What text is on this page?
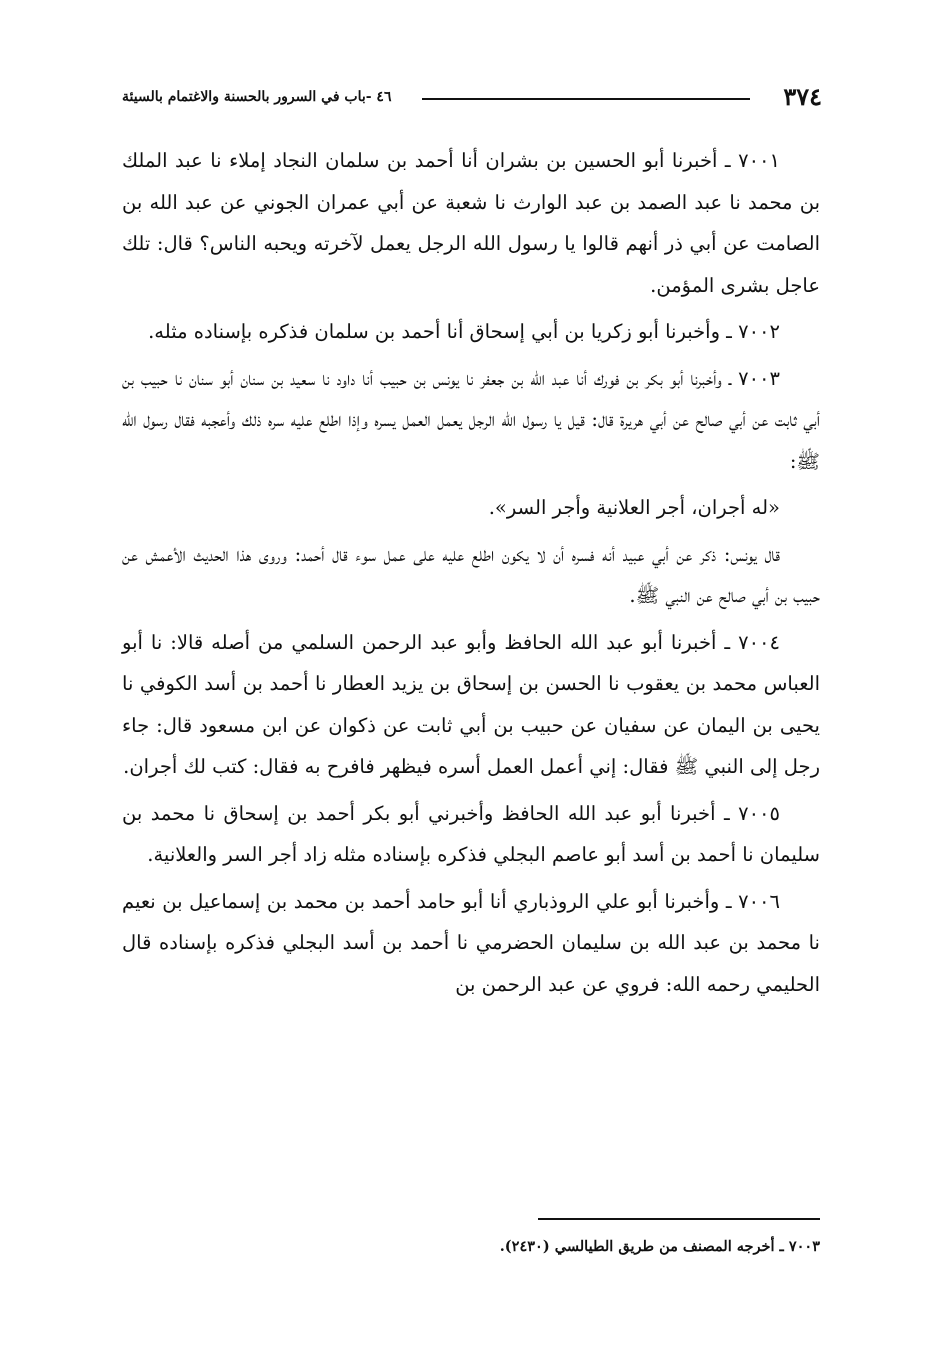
٣٧٤
٤٦ -باب في السرور بالحسنة والاغتمام بالسيئة

٧٠٠١ ـ أخبرنا أبو الحسين بن بشران أنا أحمد بن سلمان النجاد إملاء نا عبد الملك بن محمد نا عبد الصمد بن عبد الوارث نا شعبة عن أبي عمران الجوني عن عبد الله بن الصامت عن أبي ذر أنهم قالوا يا رسول الله الرجل يعمل لآخرته ويحبه الناس؟ قال: تلك عاجل بشرى المؤمن.

٧٠٠٢ ـ وأخبرنا أبو زكريا بن أبي إسحاق أنا أحمد بن سلمان فذكره بإسناده مثله.

٧٠٠٣ ـ وأخبرنا أبو بكر بن فورك أنا عبد الله بن جعفر نا يونس بن حبيب أنا داود نا سعيد بن سنان أبو سنان نا حبيب بن أبي ثابت عن أبي صالح عن أبي هريرة قال: قيل يا رسول الله الرجل يعمل العمل يسره وإذا اطلع عليه سره ذلك وأعجبه فقال رسول الله ﷺ:

«له أجران، أجر العلانية وأجر السر».

قال يونس: ذكر عن أبي عبيد أنه فسره أن لا يكون اطلع عليه على عمل سوء قال أحمد: وروى هذا الحديث الأعمش عن حبيب بن أبي صالح عن النبي ﷺ.

٧٠٠٤ ـ أخبرنا أبو عبد الله الحافظ وأبو عبد الرحمن السلمي من أصله قالا: نا أبو العباس محمد بن يعقوب نا الحسن بن إسحاق بن يزيد العطار نا أحمد بن أسد الكوفي نا يحيى بن اليمان عن سفيان عن حبيب بن أبي ثابت عن ذكوان عن ابن مسعود قال: جاء رجل إلى النبي ﷺ فقال: إني أعمل العمل أسره فيظهر فافرح به فقال: كتب لك أجران.

٧٠٠٥ ـ أخبرنا أبو عبد الله الحافظ وأخبرني أبو بكر أحمد بن إسحاق نا محمد بن سليمان نا أحمد بن أسد أبو عاصم البجلي فذكره بإسناده مثله زاد أجر السر والعلانية.

٧٠٠٦ ـ وأخبرنا أبو علي الروذباري أنا أبو حامد أحمد بن محمد بن إسماعيل بن نعيم نا محمد بن عبد الله بن سليمان الحضرمي نا أحمد بن أسد البجلي فذكره بإسناده قال الحليمي رحمه الله: فروي عن عبد الرحمن بن

٧٠٠٣ ـ أخرجه المصنف من طريق الطيالسي (٢٤٣٠).
